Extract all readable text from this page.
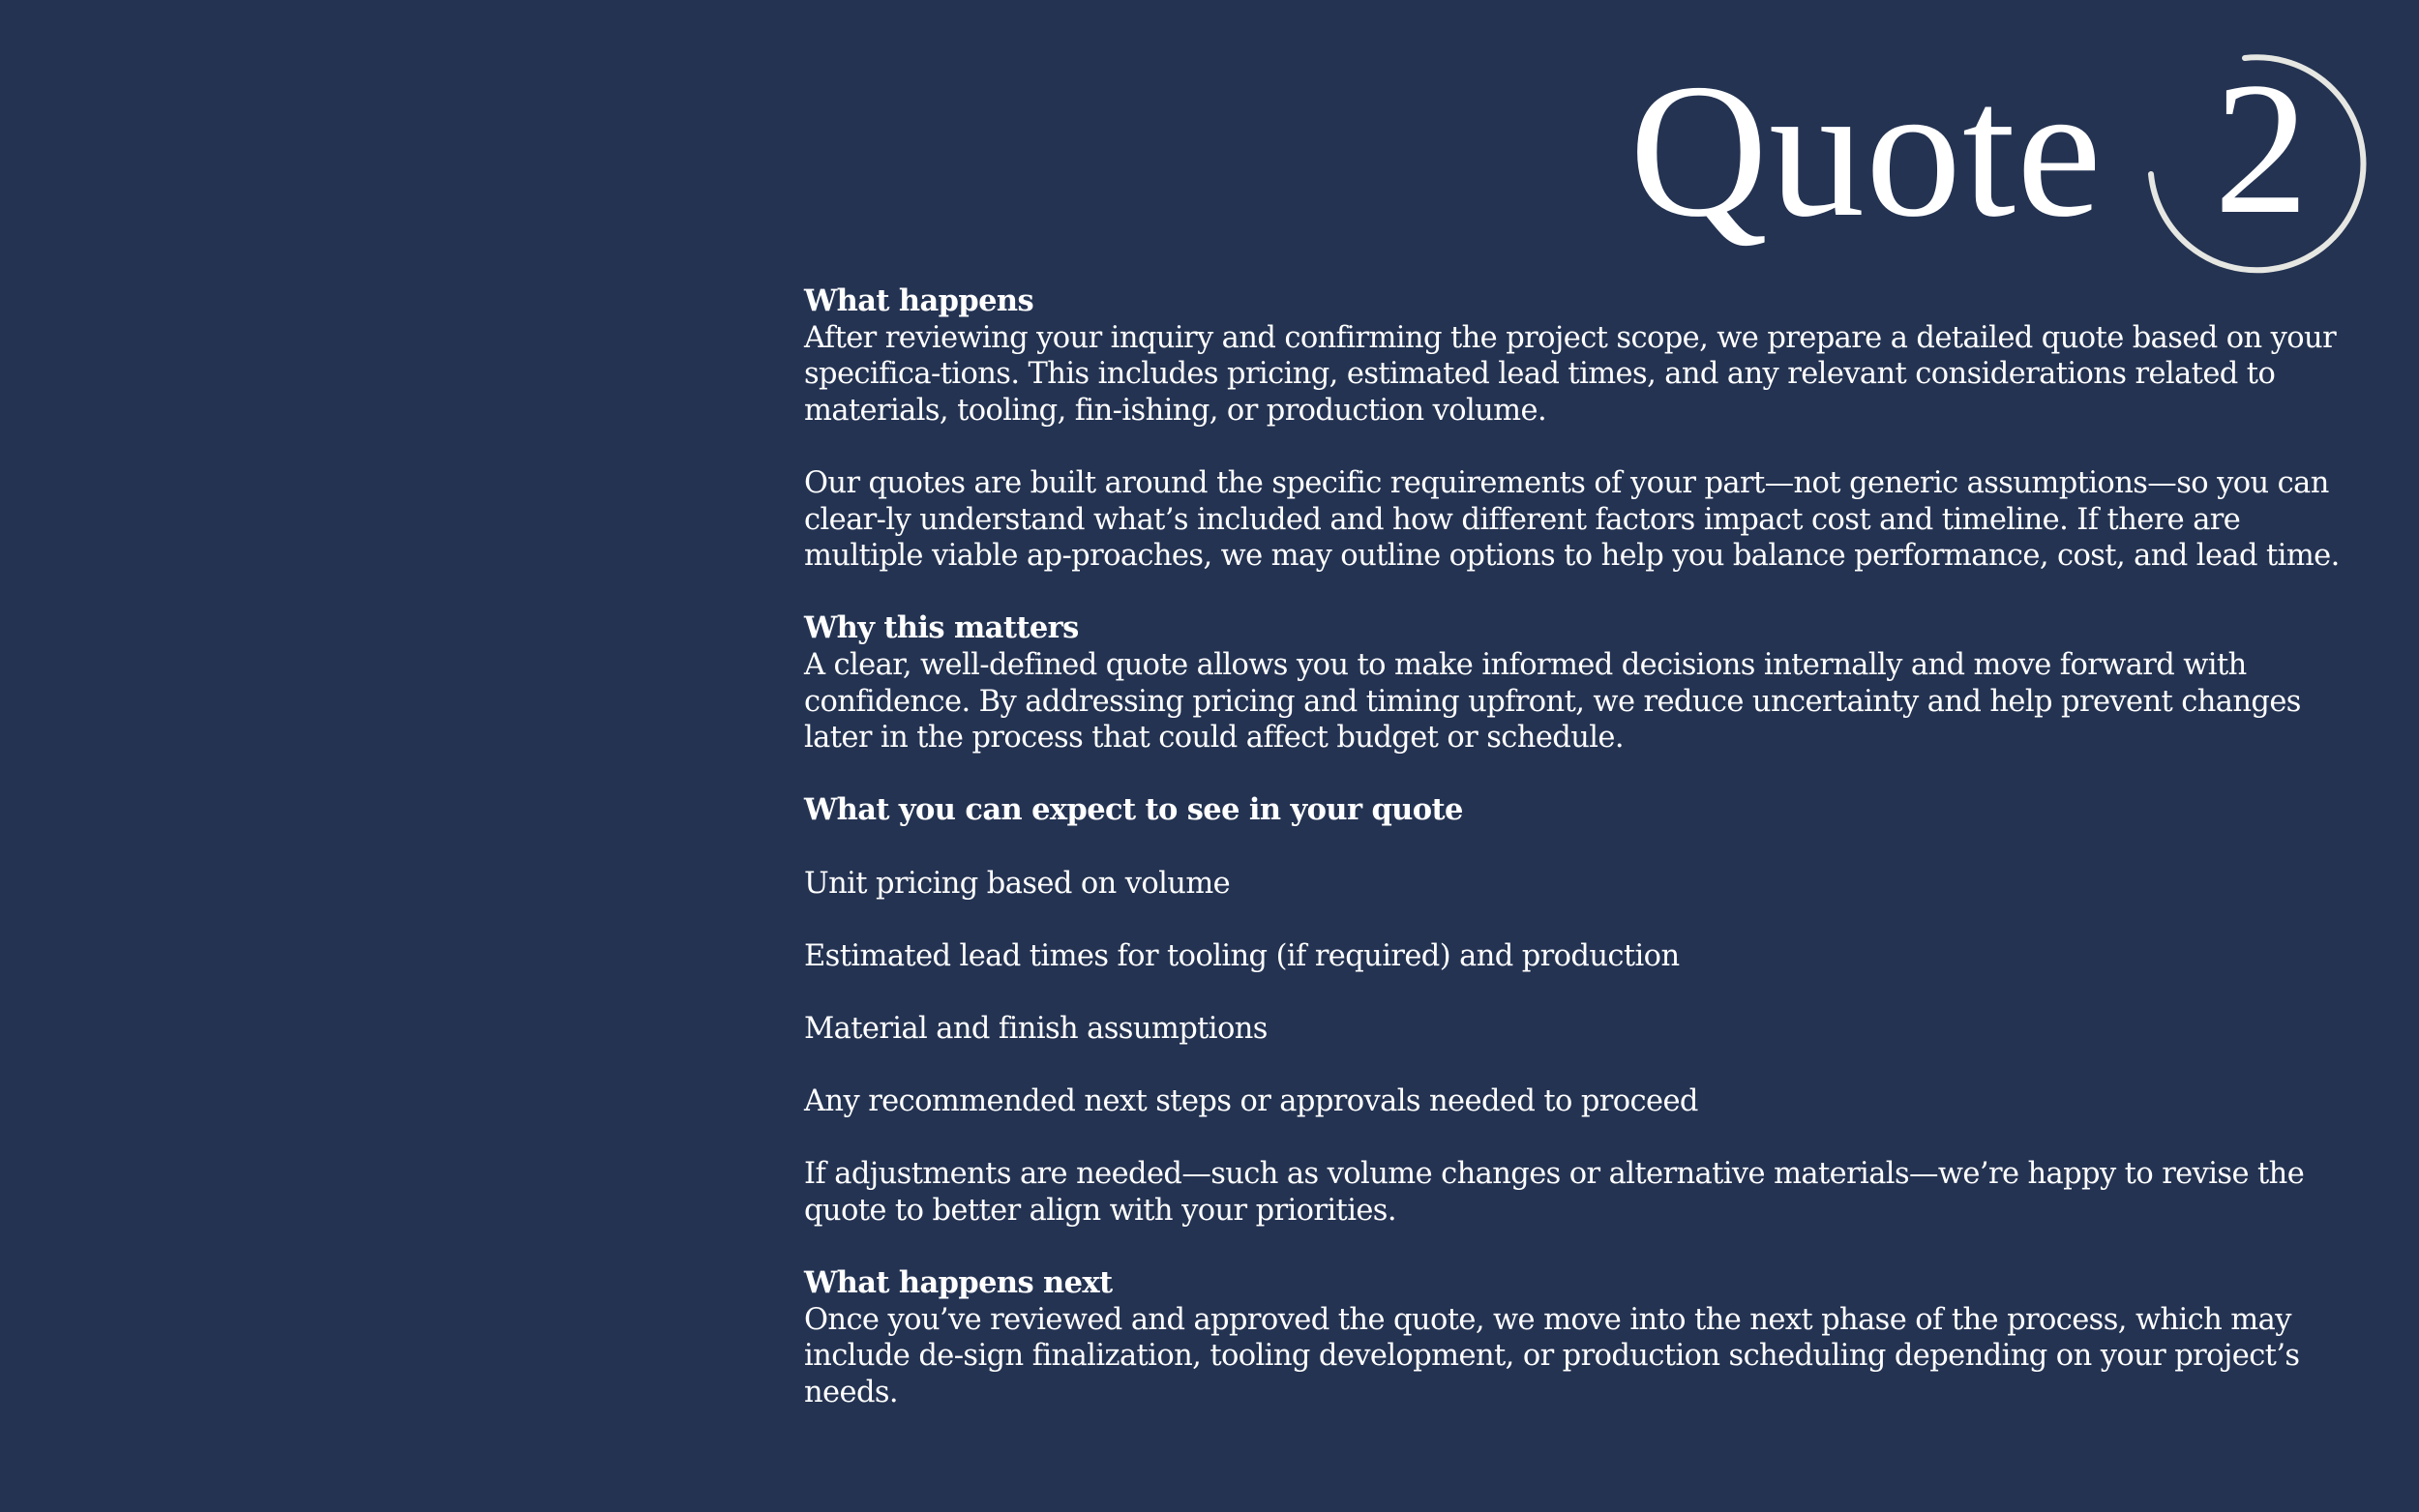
Quote 2
What happens

After reviewing your inquiry and confirming the project scope, we prepare a detailed quote based on your specifica-tions. This includes pricing, estimated lead times, and any relevant considerations related to materials, tooling, fin-ishing, or production volume.

Our quotes are built around the specific requirements of your part—not generic assumptions—so you can clear-ly understand what’s included and how different factors impact cost and timeline. If there are multiple viable ap-proaches, we may outline options to help you balance performance, cost, and lead time.

Why this matters

A clear, well-defined quote allows you to make informed decisions internally and move forward with confidence. By addressing pricing and timing upfront, we reduce uncertainty and help prevent changes later in the process that could affect budget or schedule.

What you can expect to see in your quote

Unit pricing based on volume

Estimated lead times for tooling (if required) and production

Material and finish assumptions

Any recommended next steps or approvals needed to proceed

If adjustments are needed—such as volume changes or alternative materials—we’re happy to revise the quote to better align with your priorities.

What happens next

Once you’ve reviewed and approved the quote, we move into the next phase of the process, which may include de-sign finalization, tooling development, or production scheduling depending on your project’s needs.
